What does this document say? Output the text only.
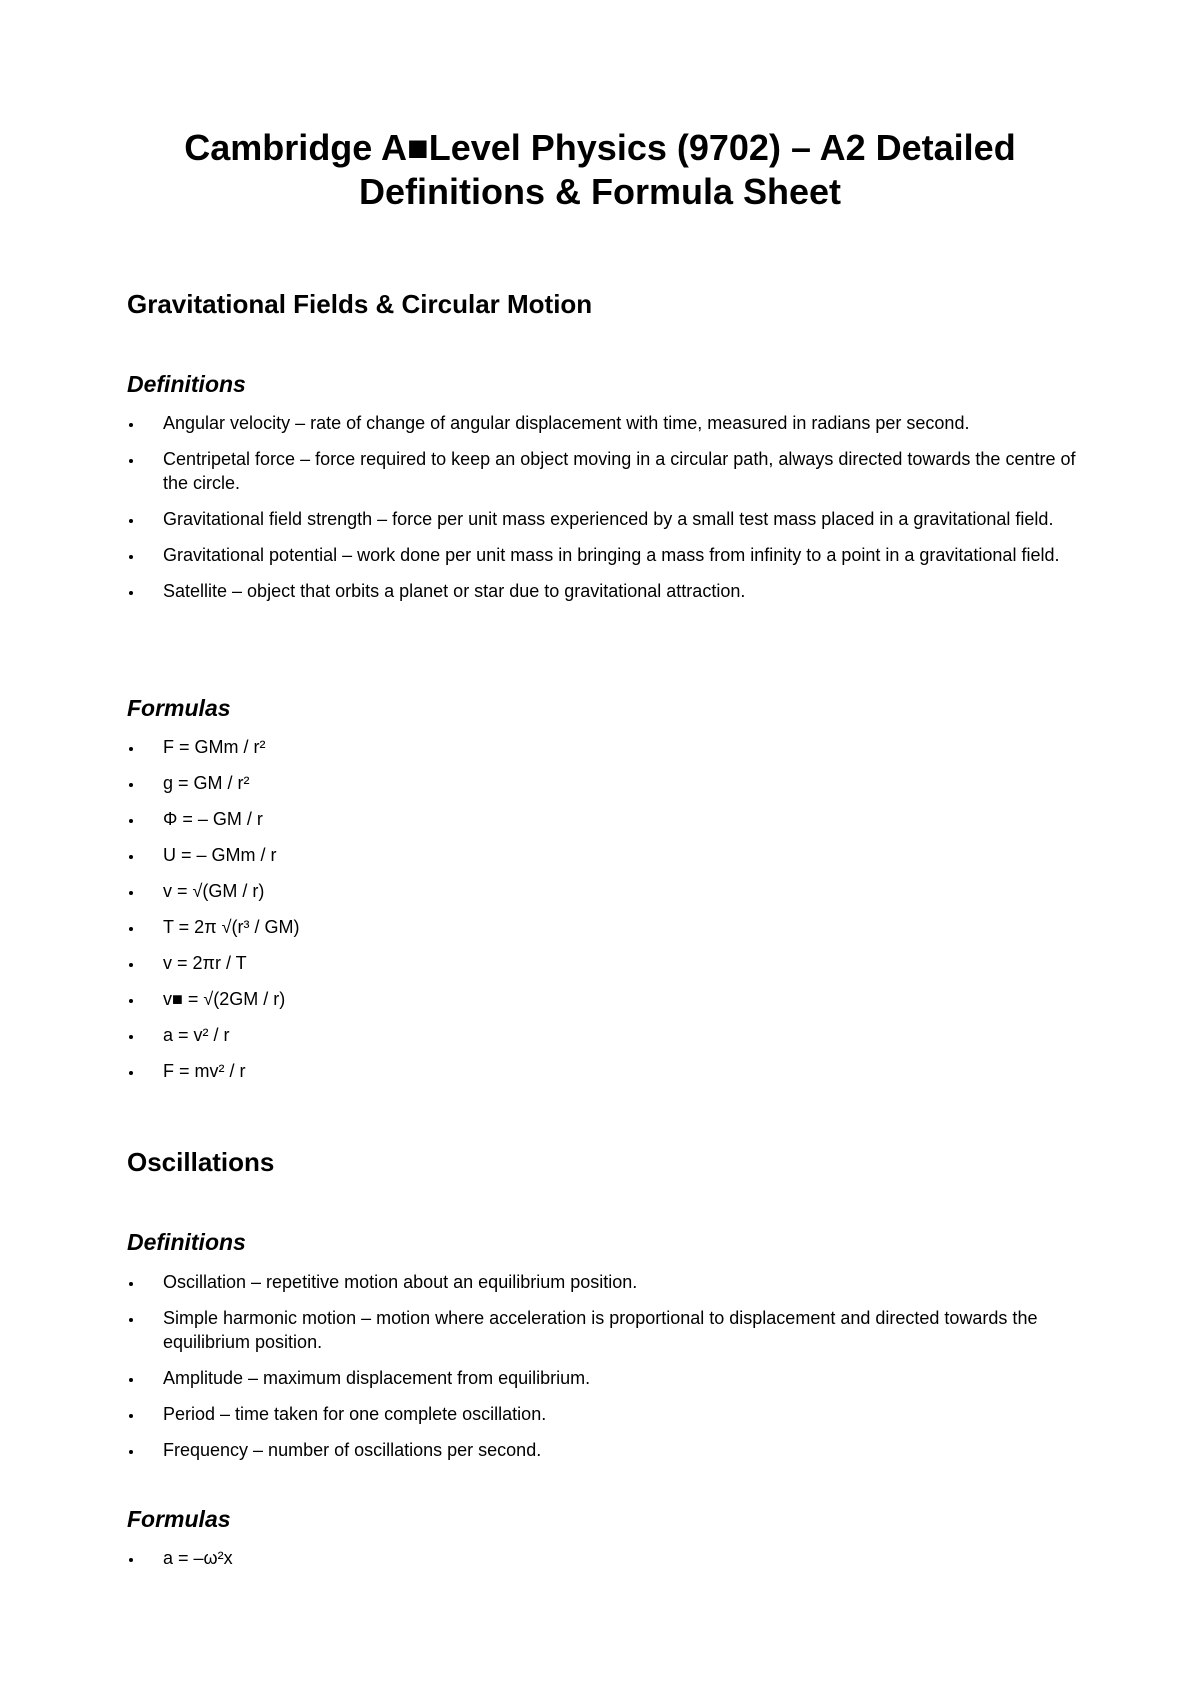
Cambridge A■Level Physics (9702) – A2 Detailed
Definitions & Formula Sheet
Gravitational Fields & Circular Motion
Definitions
Angular velocity – rate of change of angular displacement with time, measured in radians per second.
Centripetal force – force required to keep an object moving in a circular path, always directed towards the centre of the circle.
Gravitational field strength – force per unit mass experienced by a small test mass placed in a gravitational field.
Gravitational potential – work done per unit mass in bringing a mass from infinity to a point in a gravitational field.
Satellite – object that orbits a planet or star due to gravitational attraction.
Formulas
F = GMm / r²
g = GM / r²
Φ = – GM / r
U = – GMm / r
v = √(GM / r)
T = 2π √(r³ / GM)
v = 2πr / T
v■ = √(2GM / r)
a = v² / r
F = mv² / r
Oscillations
Definitions
Oscillation – repetitive motion about an equilibrium position.
Simple harmonic motion – motion where acceleration is proportional to displacement and directed towards the equilibrium position.
Amplitude – maximum displacement from equilibrium.
Period – time taken for one complete oscillation.
Frequency – number of oscillations per second.
Formulas
a = –ω²x
